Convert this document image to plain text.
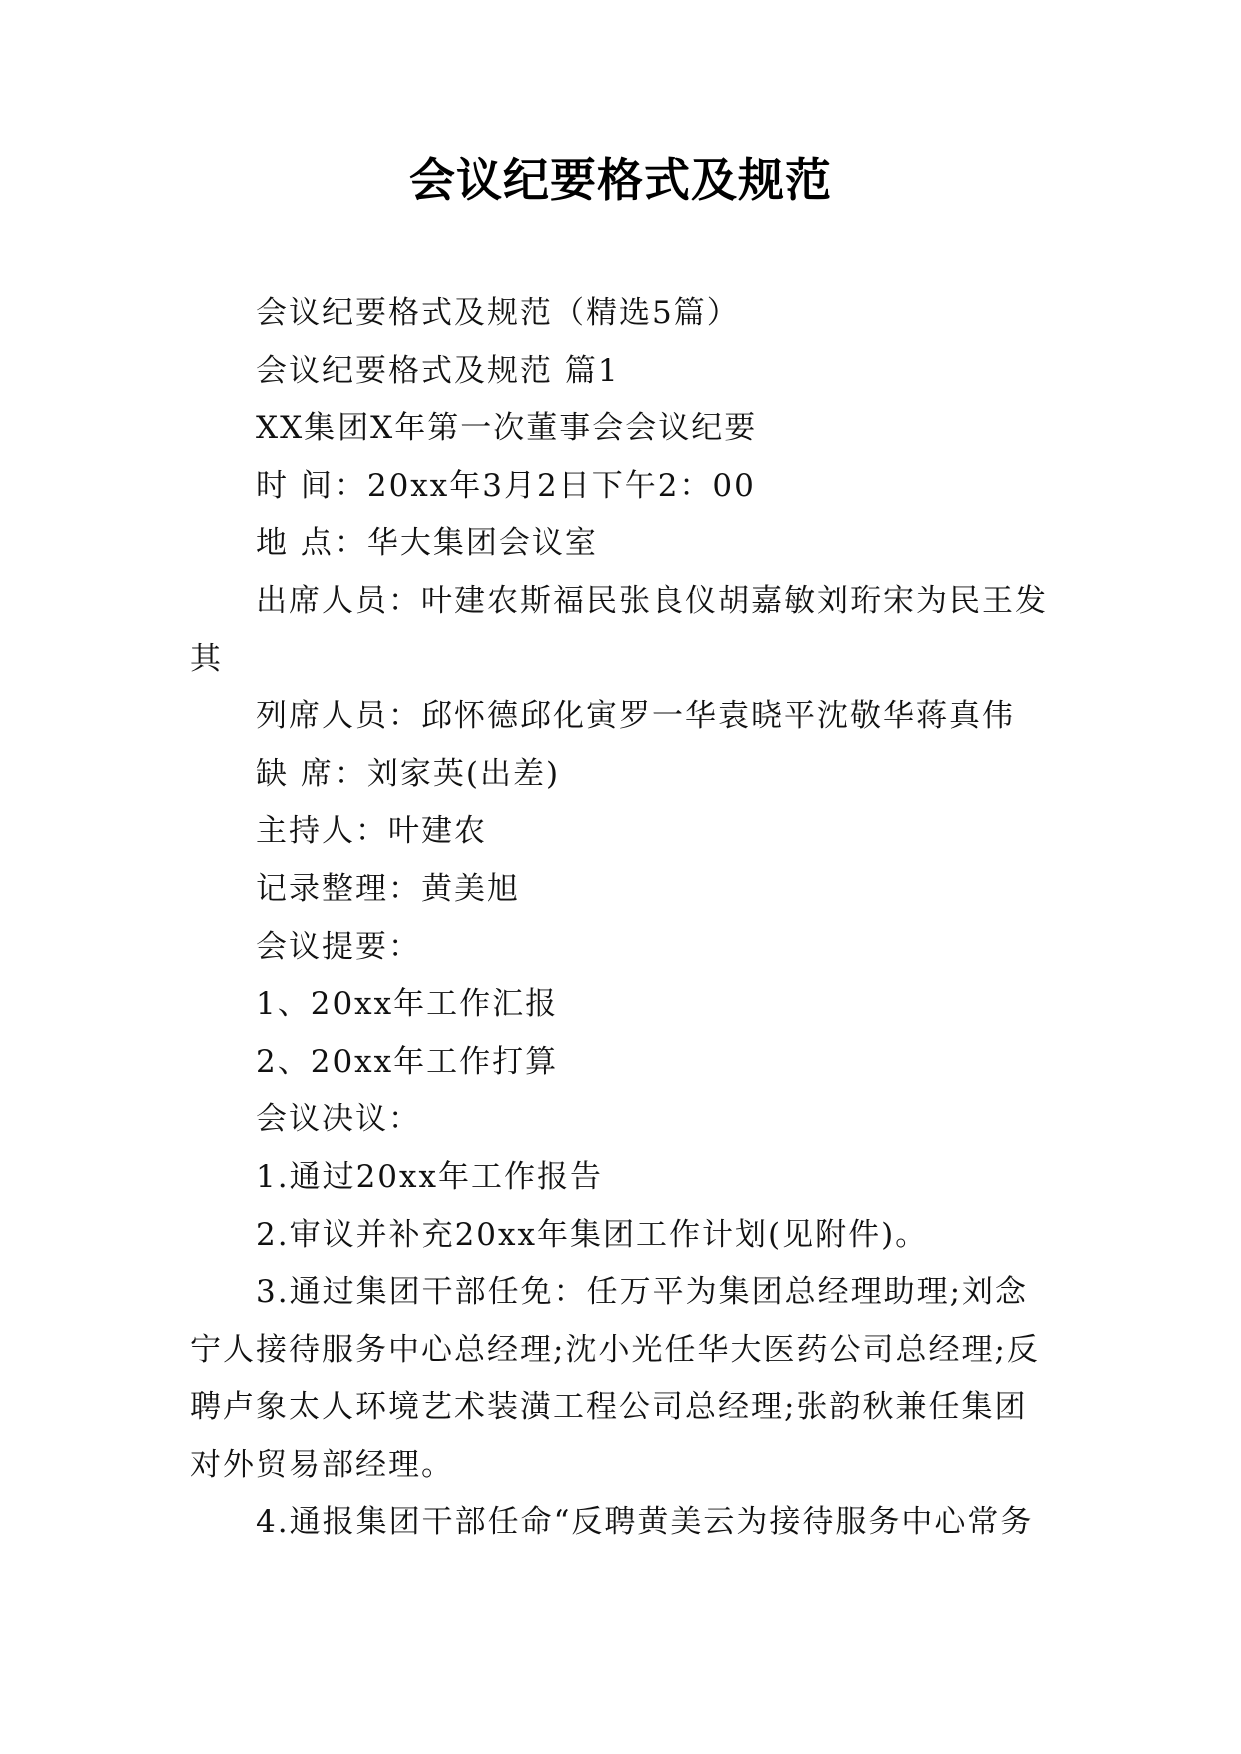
会议纪要格式及规范

会议纪要格式及规范（精选5篇）

会议纪要格式及规范 篇1

XX集团X年第一次董事会会议纪要

时 间：20xx年3月2日下午2：00

地 点：华大集团会议室

出席人员：叶建农斯福民张良仪胡嘉敏刘珩宋为民王发其

列席人员：邱怀德邱化寅罗一华袁晓平沈敬华蒋真伟

缺 席：刘家英(出差)

主持人：叶建农

记录整理：黄美旭

会议提要：

1、20xx年工作汇报

2、20xx年工作打算

会议决议：

1.通过20xx年工作报告

2.审议并补充20xx年集团工作计划(见附件)。

3.通过集团干部任免：任万平为集团总经理助理;刘念宁人接待服务中心总经理;沈小光任华大医药公司总经理;反聘卢象太人环境艺术装潢工程公司总经理;张韵秋兼任集团对外贸易部经理。

4.通报集团干部任命“反聘黄美云为接待服务中心常务
